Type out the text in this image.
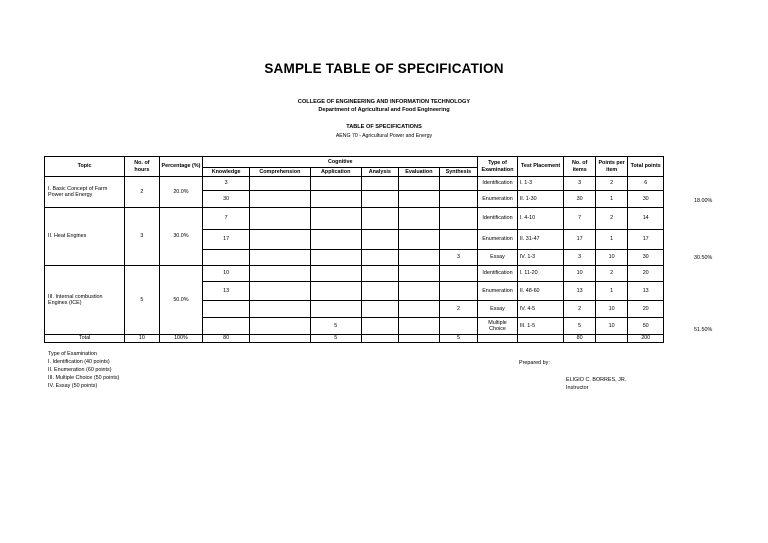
SAMPLE TABLE OF SPECIFICATION
COLLEGE OF ENGINEERING AND INFORMATION TECHNOLOGY
Department of Agricultural and Food Engineering
TABLE OF SPECIFICATIONS
AENG 70 - Agricultural Power and Energy
Topic	No. of hours	Percentage (%)	Cognitive						Type of Examination	Test Placement	No. of items	Points per item	Total points
			Knowledge	Comprehension	Application	Analysis	Evaluation	Synthesis					
I. Basic Concept of Farm Power and Energy	2	20.0%	3						Identification	I. 1-3	3	2	6
			30						Enumeration	II. 1-30	30	1	30
II. Heat Engines	3	30.0%	7						Identification	I. 4-10	7	2	14
			17						Enumeration	II. 31-47	17	1	17
								3	Essay	IV. 1-3	3	10	30
III. Internal combustion Engines (ICE)	5	50.0%	10						Identification	I. 11-20	10	2	20
			13						Enumeration	II. 48-60	13	1	13
								2	Essay	IV. 4-5	2	10	20
					5				Multiple Choice	III. 1-5	5	10	50
Total	10	100%	80		5			5			80		200
18.00%
30.50%
51.50%
Type of Examination
I. Identification (40 points)
II. Enumeration (60 points)
III. Multiple Choice (50 points)
IV. Essay (50 points)
Prepared by:
ELIGIO C. BORRES, JR.
Instructor
